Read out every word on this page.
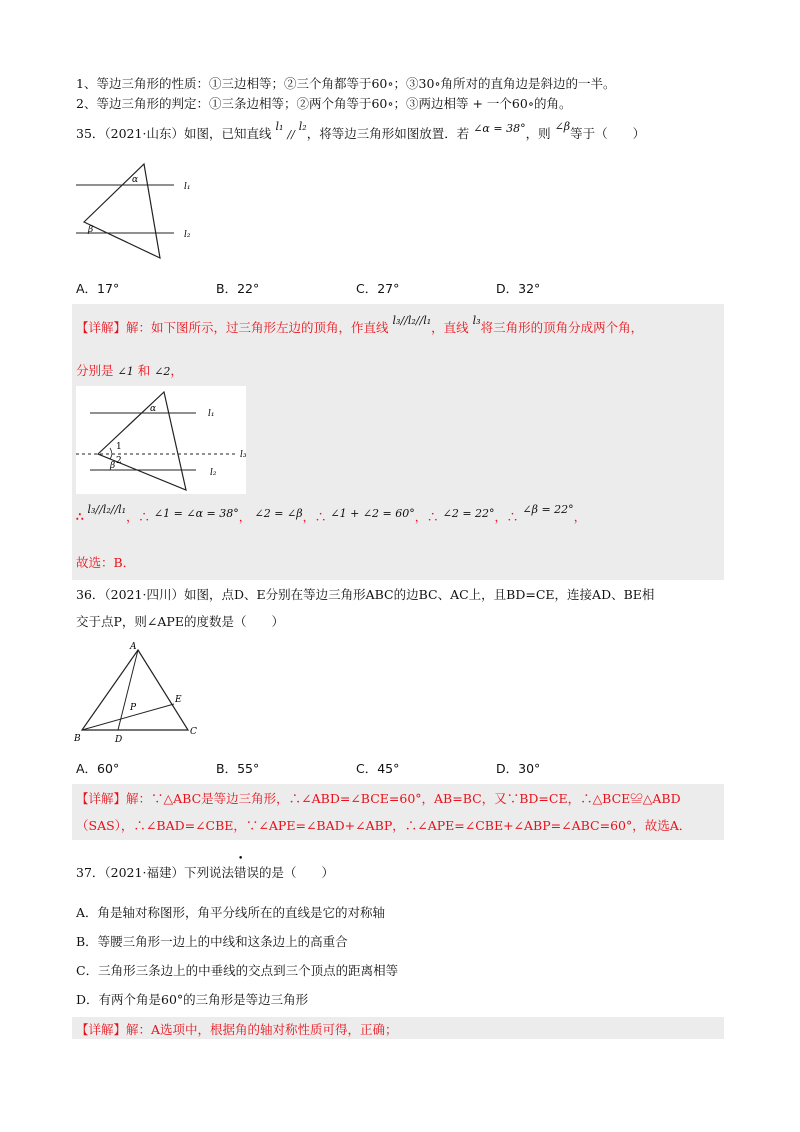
1、等边三角形的性质：①三边相等；②三个角都等于60∘；③30∘角所对的直角边是斜边的一半。
2、等边三角形的判定：①三条边相等；②两个角等于60∘；③两边相等 + 一个60∘的角。
35．（2021·山东）如图，已知直线 l₁ // l₂，将等边三角形如图放置．若 ∠α = 38°，则 ∠β等于（　　）
α
β
l₁
l₂
A．17°	B．22°	C．27°	D．32°
【详解】解：如下图所示，过三角形左边的顶角，作直线 l₃//l₂//l₁，直线 l₃将三角形的顶角分成两个角，
分别是 ∠1 和 ∠2，
α
1
2
β
l₁
l₂
l₃
∴ l₃//l₂//l₁，∴ ∠1 = ∠α = 38°， ∠2 = ∠β，∴ ∠1 + ∠2 = 60°，∴ ∠2 = 22°，∴ ∠β = 22°，
故选：B．
36．（2021·四川）如图，点D、E分别在等边三角形ABC的边BC、AC上，且BD=CE，连接AD、BE相
交于点P，则∠APE的度数是（　　）
A
B
C
D
E
P
A．60°	B．55°	C．45°	D．30°
【详解】解：∵△ABC是等边三角形，∴∠ABD=∠BCE=60°，AB=BC，又∵BD=CE，∴△BCE≌△ABD
（SAS），∴∠BAD=∠CBE，∵∠APE=∠BAD+∠ABP，∴∠APE=∠CBE+∠ABP=∠ABC=60°，故选A．
37．（2021·福建）下列说法错误的是（　　）
A．角是轴对称图形，角平分线所在的直线是它的对称轴
B．等腰三角形一边上的中线和这条边上的高重合
C．三角形三条边上的中垂线的交点到三个顶点的距离相等
D．有两个角是60°的三角形是等边三角形
【详解】解：A选项中，根据角的轴对称性质可得，正确；
